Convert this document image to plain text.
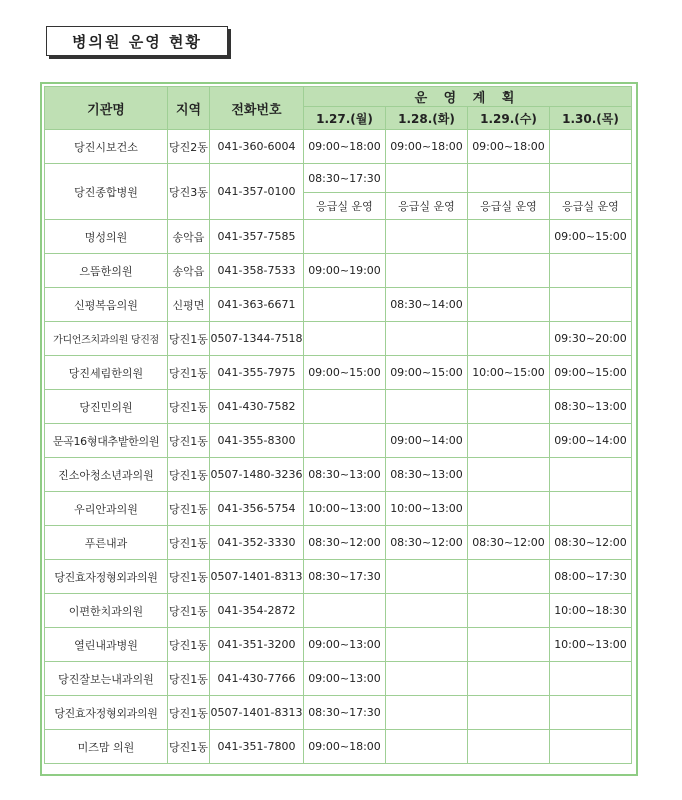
병의원 운영 현황
기관명	지역	전화번호	운 영 계 획			
			1.27.(월)	1.28.(화)	1.29.(수)	1.30.(목)
당진시보건소	당진2동	041-360-6004	09:00~18:00	09:00~18:00	09:00~18:00	
당진종합병원	당진3동	041-357-0100	08:30~17:30			
			응급실 운영	응급실 운영	응급실 운영	응급실 운영
명성의원	송악읍	041-357-7585				09:00~15:00
으뜸한의원	송악읍	041-358-7533	09:00~19:00			
신평복음의원	신평면	041-363-6671		08:30~14:00		
가디언즈치과의원 당진점	당진1동	0507-1344-7518				09:30~20:00
당진세림한의원	당진1동	041-355-7975	09:00~15:00	09:00~15:00	10:00~15:00	09:00~15:00
당진민의원	당진1동	041-430-7582				08:30~13:00
문곡16형대추밭한의원	당진1동	041-355-8300		09:00~14:00		09:00~14:00
진소아청소년과의원	당진1동	0507-1480-3236	08:30~13:00	08:30~13:00		
우리안과의원	당진1동	041-356-5754	10:00~13:00	10:00~13:00		
푸른내과	당진1동	041-352-3330	08:30~12:00	08:30~12:00	08:30~12:00	08:30~12:00
당진효자정형외과의원	당진1동	0507-1401-8313	08:30~17:30			08:00~17:30
이편한치과의원	당진1동	041-354-2872				10:00~18:30
열린내과병원	당진1동	041-351-3200	09:00~13:00			10:00~13:00
당진잘보는내과의원	당진1동	041-430-7766	09:00~13:00			
당진효자정형외과의원	당진1동	0507-1401-8313	08:30~17:30			
미즈맘 의원	당진1동	041-351-7800	09:00~18:00			
